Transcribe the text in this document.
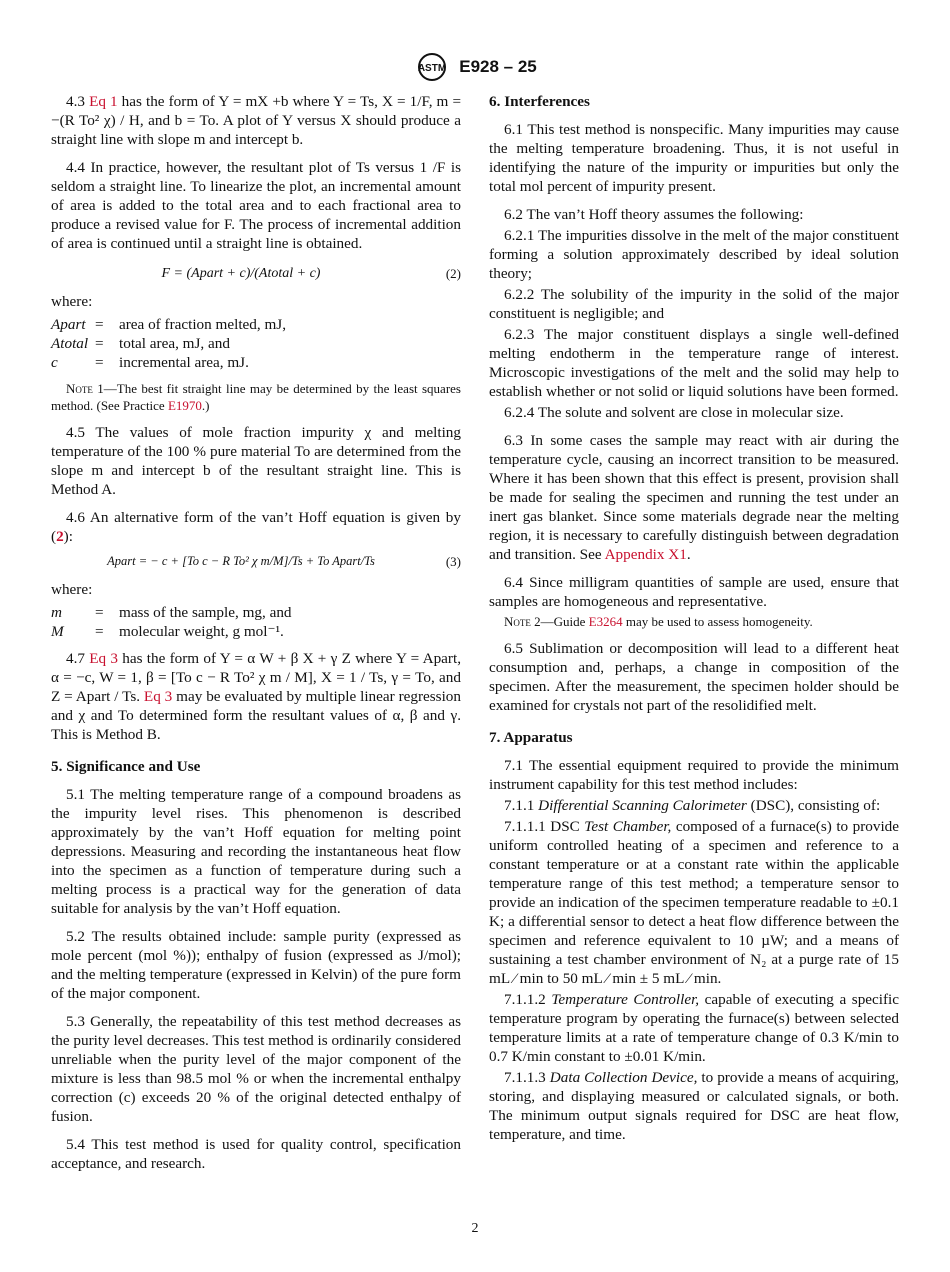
ASTM E928 – 25

4.3 Eq 1 has the form of Y = mX +b where Y = Ts, X = 1/F, m = −(R To² χ) / H, and b = To. A plot of Y versus X should produce a straight line with slope m and intercept b.

4.4 In practice, however, the resultant plot of Ts versus 1 /F is seldom a straight line. To linearize the plot, an incremental amount of area is added to the total area and to each fractional area to produce a revised value for F. The process of incremental addition of area is continued until a straight line is obtained.

F = (Apart + c)/(Atotal + c)	(2)

where:

Apart	=	area of fraction melted, mJ,
Atotal	=	total area, mJ, and
c	=	incremental area, mJ.

Note 1—The best fit straight line may be determined by the least squares method. (See Practice E1970.)

4.5 The values of mole fraction impurity χ and melting temperature of the 100 % pure material To are determined from the slope m and intercept b of the resultant straight line. This is Method A.

4.6 An alternative form of the van’t Hoff equation is given by (2):

Apart = − c + [To c − R To² χ m/M]/Ts + To Apart/Ts	(3)

where:

m	=	mass of the sample, mg, and
M	=	molecular weight, g mol⁻¹.

4.7 Eq 3 has the form of Y = α W + β X + γ Z where Y = Apart, α = −c, W = 1, β = [To c − R To² χ m / M], X = 1 / Ts, γ = To, and Z = Apart / Ts. Eq 3 may be evaluated by multiple linear regression and χ and To determined form the resultant values of α, β and γ. This is Method B.

5. Significance and Use

5.1 The melting temperature range of a compound broadens as the impurity level rises. This phenomenon is described approximately by the van’t Hoff equation for melting point depressions. Measuring and recording the instantaneous heat flow into the specimen as a function of temperature during such a melting process is a practical way for the generation of data suitable for analysis by the van’t Hoff equation.

5.2 The results obtained include: sample purity (expressed as mole percent (mol %)); enthalpy of fusion (expressed as J/mol); and the melting temperature (expressed in Kelvin) of the pure form of the major component.

5.3 Generally, the repeatability of this test method decreases as the purity level decreases. This test method is ordinarily considered unreliable when the purity level of the major component of the mixture is less than 98.5 mol % or when the incremental enthalpy correction (c) exceeds 20 % of the original detected enthalpy of fusion.

5.4 This test method is used for quality control, specification acceptance, and research.

6. Interferences

6.1 This test method is nonspecific. Many impurities may cause the melting temperature broadening. Thus, it is not useful in identifying the nature of the impurity or impurities but only the total mol percent of impurity present.

6.2 The van’t Hoff theory assumes the following:

6.2.1 The impurities dissolve in the melt of the major constituent forming a solution approximately described by ideal solution theory;

6.2.2 The solubility of the impurity in the solid of the major constituent is negligible; and

6.2.3 The major constituent displays a single well-defined melting endotherm in the temperature range of interest. Microscopic investigations of the melt and the solid may help to establish whether or not solid or liquid solutions have been formed.

6.2.4 The solute and solvent are close in molecular size.

6.3 In some cases the sample may react with air during the temperature cycle, causing an incorrect transition to be measured. Where it has been shown that this effect is present, provision shall be made for sealing the specimen and running the test under an inert gas blanket. Since some materials degrade near the melting region, it is necessary to carefully distinguish between degradation and transition. See Appendix X1.

6.4 Since milligram quantities of sample are used, ensure that samples are homogeneous and representative.

Note 2—Guide E3264 may be used to assess homogeneity.

6.5 Sublimation or decomposition will lead to a different heat consumption and, perhaps, a change in composition of the specimen. After the measurement, the specimen holder should be examined for crystals not part of the resolidified melt.

7. Apparatus

7.1 The essential equipment required to provide the minimum instrument capability for this test method includes:

7.1.1 Differential Scanning Calorimeter (DSC), consisting of:

7.1.1.1 DSC Test Chamber, composed of a furnace(s) to provide uniform controlled heating of a specimen and reference to a constant temperature or at a constant rate within the applicable temperature range of this test method; a temperature sensor to provide an indication of the specimen temperature readable to ±0.1 K; a differential sensor to detect a heat flow difference between the specimen and reference equivalent to 10 µW; and a means of sustaining a test chamber environment of N₂ at a purge rate of 15 mL ⁄ min to 50 mL ⁄ min ± 5 mL ⁄ min.

7.1.1.2 Temperature Controller, capable of executing a specific temperature program by operating the furnace(s) between selected temperature limits at a rate of temperature change of 0.3 K/min to 0.7 K/min constant to ±0.01 K/min.

7.1.1.3 Data Collection Device, to provide a means of acquiring, storing, and displaying measured or calculated signals, or both. The minimum output signals required for DSC are heat flow, temperature, and time.

2
